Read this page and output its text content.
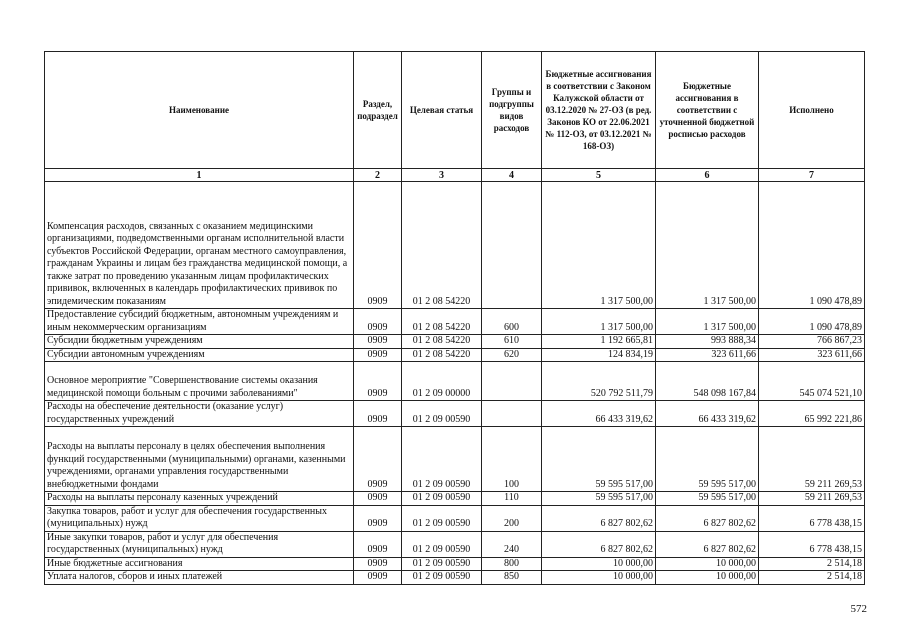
Наименование	Раздел, подраздел	Целевая статья	Группы и подгруппы видов расходов	Бюджетные ассигнования в соответствии с Законом Калужской области от 03.12.2020 № 27-ОЗ (в ред. Законов КО от 22.06.2021 № 112-ОЗ, от 03.12.2021 № 168-ОЗ)	Бюджетные ассигнования в соответствии с уточненной бюджетной росписью расходов	Исполнено
1	2	3	4	5	6	7
Компенсация расходов, связанных с оказанием медицинскими организациями, подведомственными органам исполнительной власти субъектов Российской Федерации, органам местного самоуправления, гражданам Украины и лицам без гражданства медицинской помощи, а также затрат по проведению указанным лицам профилактических прививок, включенных в календарь профилактических прививок по эпидемическим показаниям	0909	01 2 08 54220		1 317 500,00	1 317 500,00	1 090 478,89
Предоставление субсидий бюджетным, автономным учреждениям и иным некоммерческим организациям	0909	01 2 08 54220	600	1 317 500,00	1 317 500,00	1 090 478,89
Субсидии бюджетным учреждениям	0909	01 2 08 54220	610	1 192 665,81	993 888,34	766 867,23
Субсидии автономным учреждениям	0909	01 2 08 54220	620	124 834,19	323 611,66	323 611,66
Основное мероприятие "Совершенствование системы оказания медицинской помощи больным с прочими заболеваниями"	0909	01 2 09 00000		520 792 511,79	548 098 167,84	545 074 521,10
Расходы на обеспечение деятельности (оказание услуг) государственных учреждений	0909	01 2 09 00590		66 433 319,62	66 433 319,62	65 992 221,86
Расходы на выплаты персоналу в целях обеспечения выполнения функций государственными (муниципальными) органами, казенными учреждениями, органами управления государственными внебюджетными фондами	0909	01 2 09 00590	100	59 595 517,00	59 595 517,00	59 211 269,53
Расходы на выплаты персоналу казенных учреждений	0909	01 2 09 00590	110	59 595 517,00	59 595 517,00	59 211 269,53
Закупка товаров, работ и услуг для обеспечения государственных (муниципальных) нужд	0909	01 2 09 00590	200	6 827 802,62	6 827 802,62	6 778 438,15
Иные закупки товаров, работ и услуг для обеспечения государственных (муниципальных) нужд	0909	01 2 09 00590	240	6 827 802,62	6 827 802,62	6 778 438,15
Иные бюджетные ассигнования	0909	01 2 09 00590	800	10 000,00	10 000,00	2 514,18
Уплата налогов, сборов и иных платежей	0909	01 2 09 00590	850	10 000,00	10 000,00	2 514,18
572
